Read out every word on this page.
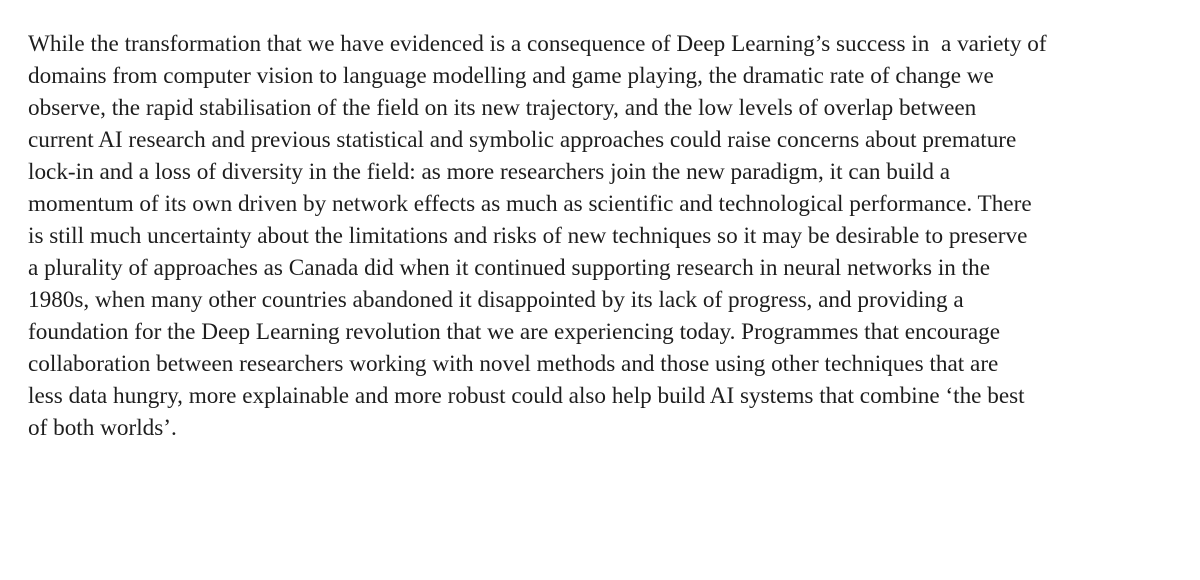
While the transformation that we have evidenced is a consequence of Deep Learning’s success in  a variety of
domains from computer vision to language modelling and game playing, the dramatic rate of change we
observe, the rapid stabilisation of the field on its new trajectory, and the low levels of overlap between
current AI research and previous statistical and symbolic approaches could raise concerns about premature
lock-in and a loss of diversity in the field: as more researchers join the new paradigm, it can build a
momentum of its own driven by network effects as much as scientific and technological performance. There
is still much uncertainty about the limitations and risks of new techniques so it may be desirable to preserve
a plurality of approaches as Canada did when it continued supporting research in neural networks in the
1980s, when many other countries abandoned it disappointed by its lack of progress, and providing a
foundation for the Deep Learning revolution that we are experiencing today. Programmes that encourage
collaboration between researchers working with novel methods and those using other techniques that are
less data hungry, more explainable and more robust could also help build AI systems that combine ‘the best
of both worlds’.
